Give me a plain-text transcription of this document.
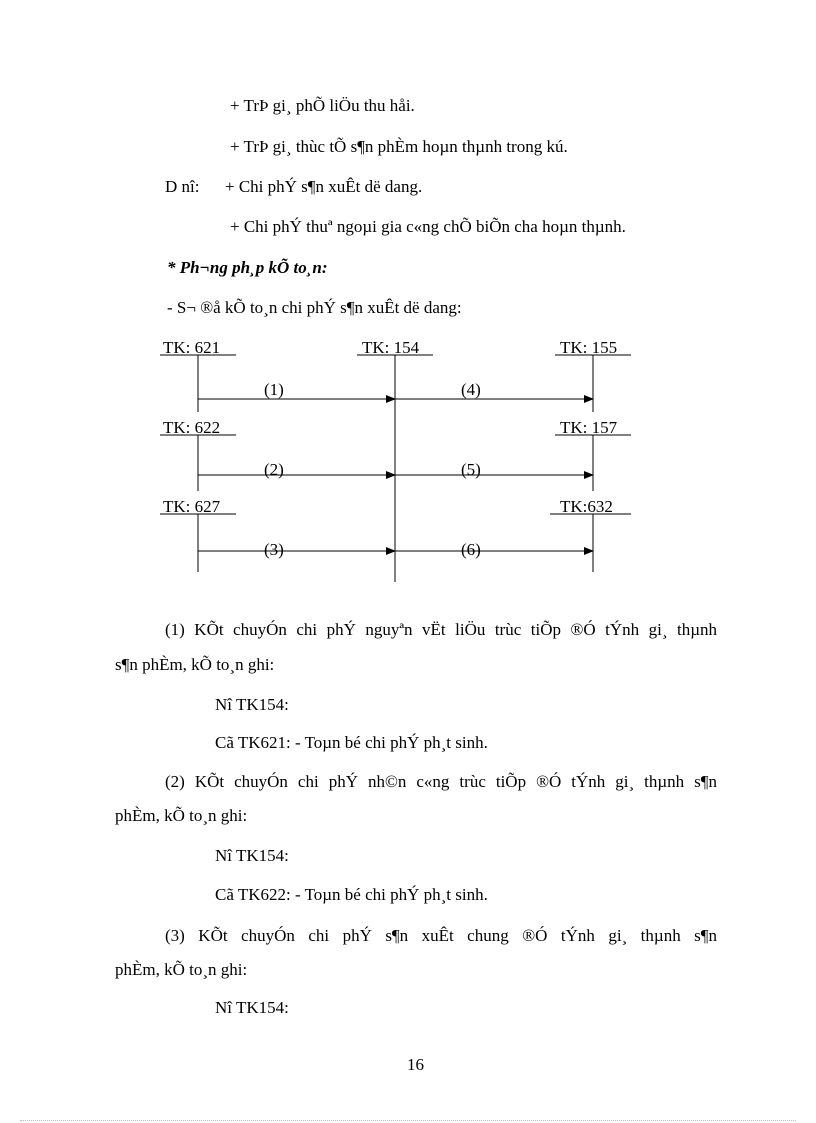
+ TrÞ gi¸ phÕ liÖu thu håi.
+ TrÞ gi¸ thùc tÕ s¶n phÈm hoµn thµnh trong kú.
D nî: + Chi phÝ s¶n xuÊt dë dang.
+ Chi phÝ thuª ngoµi gia c«ng chÕ biÕn cha hoµn thµnh.
* Ph¬ng ph¸p kÕ to¸n:
- S¬ ®å kÕ to¸n chi phÝ s¶n xuÊt dë dang:
TK: 621
TK: 622
TK: 627
TK: 154	TK: 155
TK: 157
TK:632
(1)
(2)
(3)
(4)
(5)
(6)
(1) KÕt chuyÓn chi phÝ nguyªn vËt liÖu trùc tiÕp ®Ó tÝnh gi¸ thµnh
s¶n phÈm, kÕ to¸n ghi:
Nî TK154:
Cã TK621: - Toµn bé chi phÝ ph¸t sinh.
(2) KÕt chuyÓn chi phÝ nh©n c«ng trùc tiÕp ®Ó tÝnh gi¸ thµnh s¶n
phÈm, kÕ to¸n ghi:
Nî TK154:
Cã TK622: - Toµn bé chi phÝ ph¸t sinh.
(3) KÕt chuyÓn chi phÝ s¶n xuÊt chung ®Ó tÝnh gi¸ thµnh s¶n
phÈm, kÕ to¸n ghi:
Nî TK154:
16
